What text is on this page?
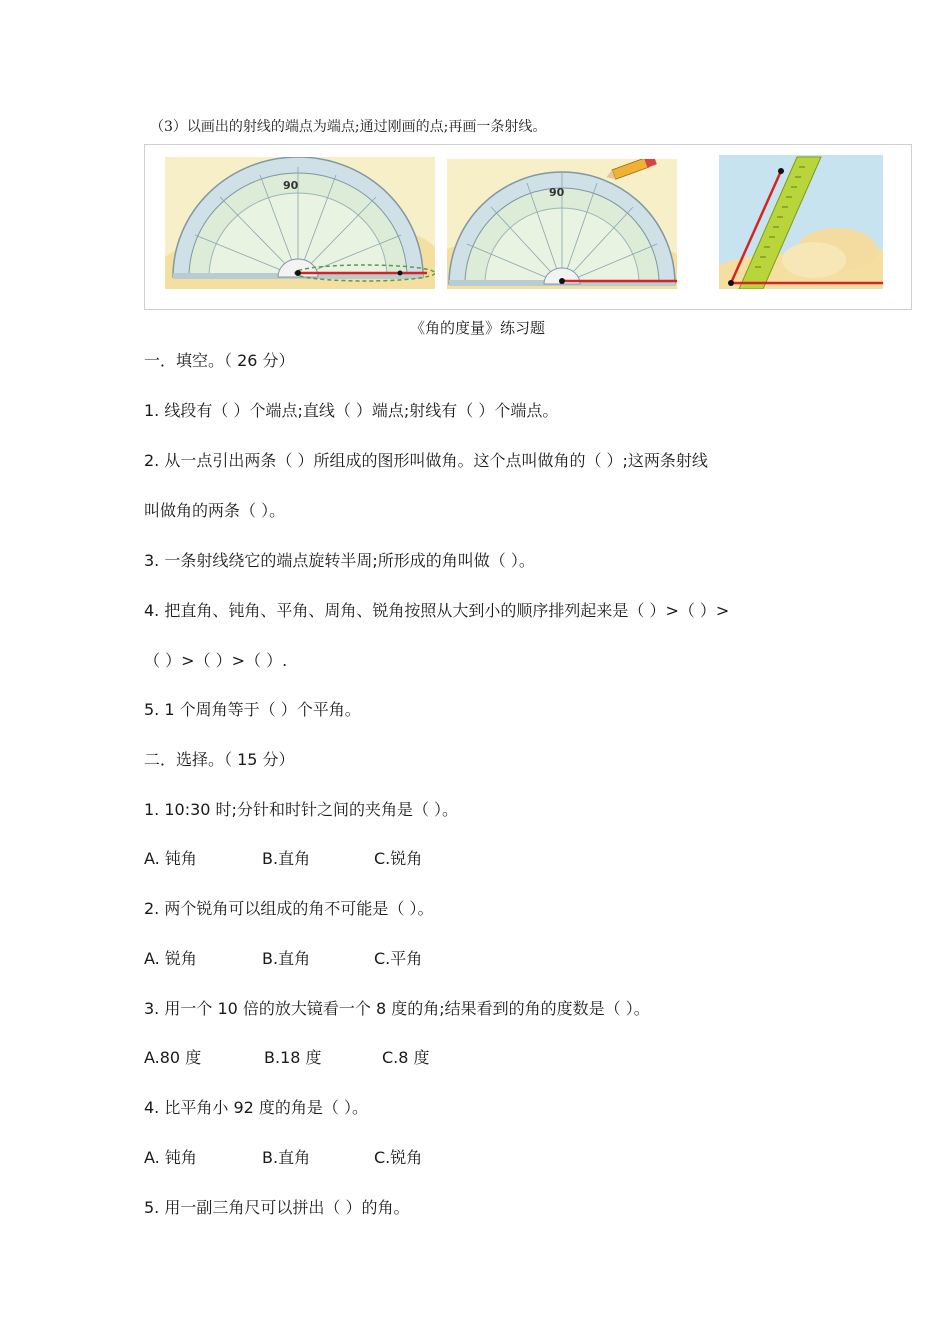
（3）以画出的射线的端点为端点;通过刚画的点;再画一条射线。
90
90
《角的度量》练习题
一．填空。（ 26 分）
1. 线段有（ ）个端点;直线（ ）端点;射线有（ ）个端点。
2. 从一点引出两条（ ）所组成的图形叫做角。这个点叫做角的（ ）;这两条射线
叫做角的两条（ ）。
3. 一条射线绕它的端点旋转半周;所形成的角叫做（ ）。
4. 把直角、钝角、平角、周角、锐角按照从大到小的顺序排列起来是（ ）>（ ）>
（ ）>（ ）>（ ）.
5. 1 个周角等于（ ）个平角。
二．选择。（ 15 分）
1. 10:30 时;分针和时针之间的夹角是（ ）。
A. 钝角	B.直角	C.锐角
2. 两个锐角可以组成的角不可能是（ ）。
A. 锐角	B.直角	C.平角
3. 用一个 10 倍的放大镜看一个 8 度的角;结果看到的角的度数是（ ）。
A.80 度	B.18 度	C.8 度
4. 比平角小 92 度的角是（ ）。
A. 钝角	B.直角	C.锐角
5. 用一副三角尺可以拼出（ ）的角。
